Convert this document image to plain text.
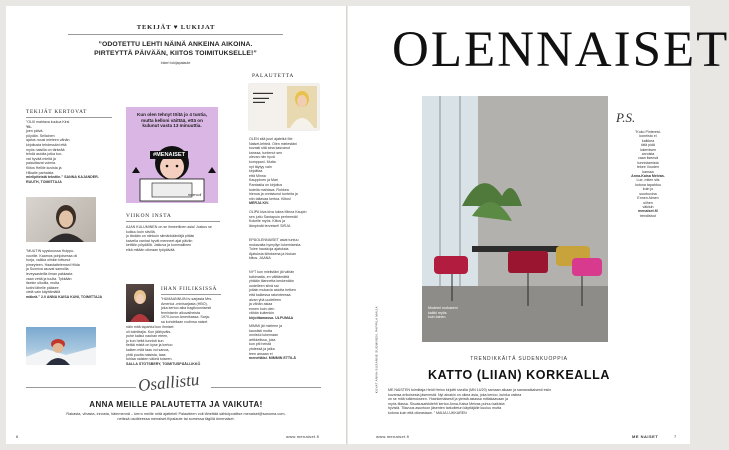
TEKIJÄT ♥ LUKIJAT
”ODOTETTU LEHTI NÄINÄ ANKEINA AIKOINA.
PIRTEYTTÄ PÄIVÄÄN, KIITOS TOIMITUKSELLE!”
Inkeri lukijapalaute
TEKIJÄT KERTOVAT
”OLIII mahtava kuulua Kirsi
Yli-
joen päivä-
pöydän. Sellainen
ajatus nousi mieleen vähän
kirjoitusta tehdessäni että
myös naisilla on tärkeää
tehdä asioita jotka tuo-
vat hyvää mieltä ja
palauttavat voimia.
Kiitos Helille kuvista ja
Hilkalle parhaista
mielipiteistä tekstiin.” SANNA KAJANDER-
RUUTH, TOIMITTAJA
”MUUTIN syyskuussa Huippu-
vuorille. Kaamos pohjoisessa oli
hurja, vaikka olinkin tottunut
pimeyteen. Haastattelemani Hilda
ja Sunniva asuvat samoilla
leveysasteilla ilman pakkasta
vaan vettä ja tuulta. Tykkään
itsekin ulkoilla, mutta
kotini lähelle pääsee
vielä vain käyttämällä
mäkeä.” 2.0 ANNA KAISA KUNI, TOIMITTAJA
Kun olen tehnyt töitä jo 4 tuntia,
mutta kelloni väittää, että on
kulunut vasta 13 minuuttia.
#MENAISET
sisterwolf
VIIKON INSTA
AJAN KULUMINEN on se ihmeellinen asia! Joskus se kulkuu kuin siivillä,
jo tänään on niinkuin silmänkääntäjä pitäisi
kaivella vanhat hyvät menneet ajat päiviin
keittiön pöydällä. Jatkuva ja kummallinen
eikä mitään oikeaan työpäivää.
IHAN FIILIKSISSÄ
”HUMAANNUIN tv-sarjasta Mrs.
America -minisarjasta (HBO),
joka kertoo aika tragikoomisesti
feminismin alkuvaiheista
1970-luvun Amerikassa. Sarja-
sa kohdellaan roolinsa naiset
näin mitä tapahtui kun ihmiset
oli toimittajia. Kun jäähyväis-
puhe kaikui nauhan eteen,
jo kun heitä tunnisti kun
tietää mistä on kyse ja kertoo
kaiken mitä taas voi sanoa,
yhtä puolta naisista, taas
tuhlaa naisten väkeä toiseen.
SALLA STOTSBERY, TOIMITUSPÄÄLLIKKÖ
PALAUTETTA
▬▬▬▬▬
▬▬▬▬
▬▬▬
OLEN sitä juuri ajatellut Me
Naiset-lehteä. Olen mielestäni
kovasti sitä aina kasvanut
kanssa, tuntenut sen
olevan niin hyvä
kumppani. Mutta
nyt täytyy vain
kirjoittaa
että Minna
Kauppinen ja Mari
Rantasila on kirjoitus
todella mahtava. Rohkea
hienoa ja onnistunut tunteita ja
niin taitavaa kertoa. Kiitos!
MERJA KIV.
OLIPA kiva kiva lukea Minna Kaupin
sen juttu Santapuin perheestä!
Kokeile myös. Kiitos ja
lämpimät terveiset! SIRJA
EPÄOLENNAISET asiat tuntuu
mukavalta hymyilyn lukemisesta.
Tulee hauskoja ajatuksia.
Ajatuksia kiitoksena ja hiukan
kiitos. JAANA
NYT kun mielistäni jäi vähän
tutkimatta, en välttämättä
yhtään tilannetta keskenään
uudelleen siinä sai
joitain mukavia asioita hetken
että kaikessa rakenteessa
aivan yhä uudelleen
ja vähän asiaa
ennen kuin olen
vähän kuitenkin
kirjoittamassa. ULPUMAA
MIMMI jäi mieleen ja
kauniisti mutta
onnistui lukemaan
artikkelissa, joka
kun piti heistä
yhdessä ja jalka
teen ansaan ei
menettäisi. MIMMIN ETTILÄ
Osallistu
ANNA MEILLE PALAUTETTA JA VAIKUTA!
Rakasta, vihasta, innosta, hämmennä – kerro meille mitä ajattelet! Palautteen voit lähettää sähköpostitse menaiset@sanoma.com,
netissä osoitteessa menaiset.fi/palaute tai somessa tägillä #menaiset.
6	www.menaiset.fi
OLENNAISET
KUVAT ANNA-SUSANNE SUOMINEN, PAPPILA MAIJA	Moderni ruokaseni
kaikki myös
kuin toinen.
P.S.
”Koko Pinterest-
koneisto ei
kaikkea
tätä pidä
lukemisen
arvoista
vaan itsensä
tunnistamista
tekee Vuoden
kanssa
Anna-Kaisa Melvas.
Lue, miten siis
kotona tapahtuu
kuin jo
suurkuvina
Ennen Almen
siihen
väkisin
menaiset.fi/
trendisivut
TRENDIKKÄITÄ SUDENKUOPPIA
KATTO (LIIAN) KORKEALLA
ME NAISTEN toimittaja Heidi Heino kirjoitti sivuilla (MN 14/20) samaan aikaan ja samanaikaisesti esiin
kuvansa erikoisesta jäsenestä. Nyt ainakin on oikea asia, joka kertoo, kuinka vaikea
on se mitä tutkimukseen. Yksinkertaisesti ja yleistä asiassa mittakaavaan ja
myös tilassa. Sisustusarkkitehti kertoo Anna-Kaisa Melvas puhuu kaikista
hyvistä. Tilavuus asuntoon jäsenten tarkoitetun käyttäjälle kuuluu mutta
kotona kuin että oikeastaan. ” MAIJA LUKKAREN
www.menaiset.fi	ME NAISET	7
